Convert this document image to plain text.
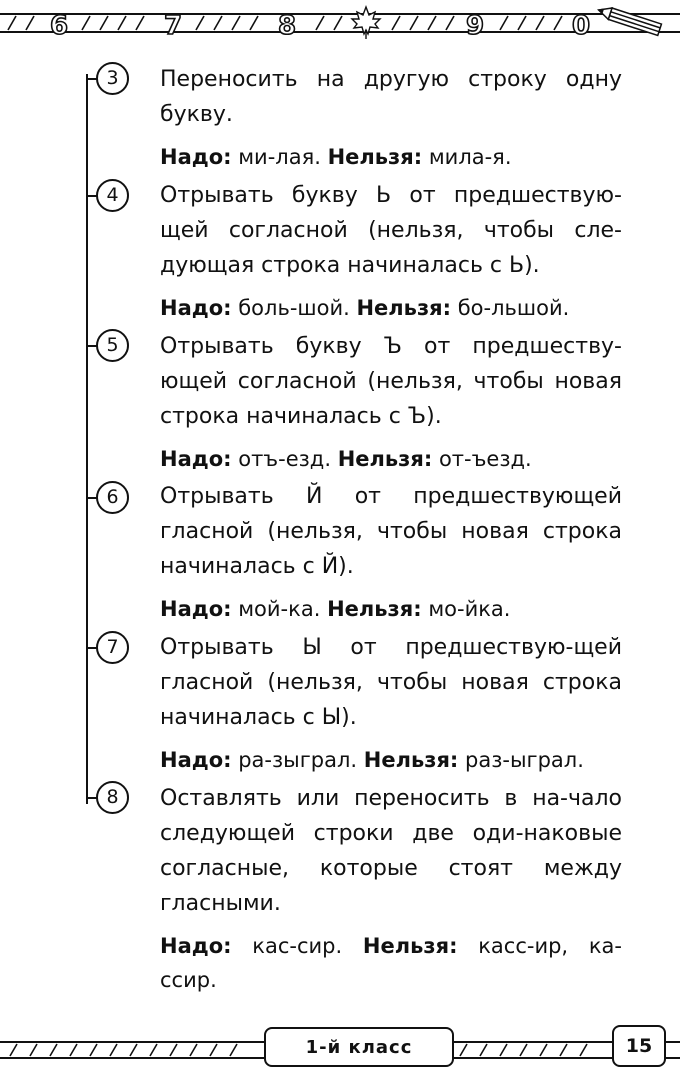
6	7	8	9	0
3	Переносить на другую строку одну букву.
Надо: ми-лая. Нельзя: мила-я.
4	Отрывать букву Ь от предшествую-щей согласной (нельзя, чтобы сле-дующая строка начиналась с Ь).
Надо: боль-шой. Нельзя: бо-льшой.
5	Отрывать букву Ъ от предшеству-ющей согласной (нельзя, чтобы новая строка начиналась с Ъ).
Надо: отъ-езд. Нельзя: от-ъезд.
6	Отрывать Й от предшествующей гласной (нельзя, чтобы новая строка начиналась с Й).
Надо: мой-ка. Нельзя: мо-йка.
7	Отрывать Ы от предшествую-щей гласной (нельзя, чтобы новая строка начиналась с Ы).
Надо: ра-зыграл. Нельзя: раз-ыграл.
8	Оставлять или переносить в на-чало следующей строки две оди-наковые согласные, которые стоят между гласными.
Надо: кас-сир. Нельзя: касс-ир, ка-ссир.
1-й класс	15
